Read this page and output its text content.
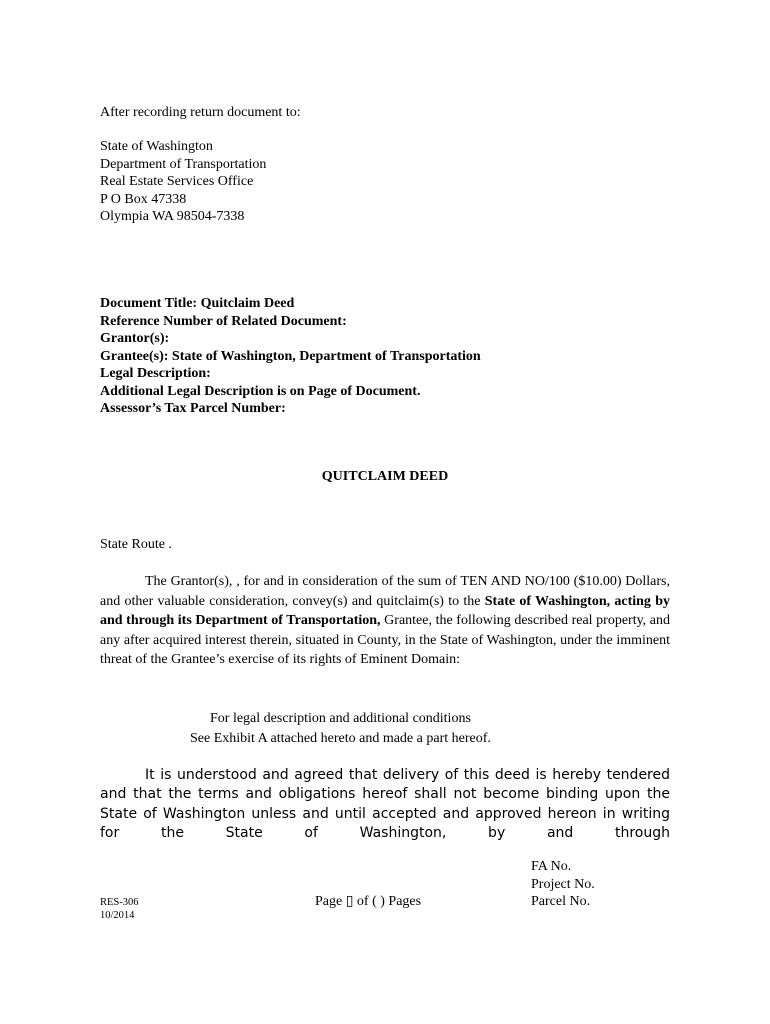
After recording return document to:
State of Washington
Department of Transportation
Real Estate Services Office
P O Box 47338
Olympia WA 98504-7338
Document Title: Quitclaim Deed
Reference Number of Related Document:
Grantor(s):
Grantee(s): State of Washington, Department of Transportation
Legal Description:
Additional Legal Description is on Page of Document.
Assessor’s Tax Parcel Number:
QUITCLAIM DEED
State Route .
The Grantor(s), , for and in consideration of the sum of TEN AND NO/100 ($10.00) Dollars, and other valuable consideration, convey(s) and quitclaim(s) to the State of Washington, acting by and through its Department of Transportation, Grantee, the following described real property, and any after acquired interest therein, situated in County, in the State of Washington, under the imminent threat of the Grantee’s exercise of its rights of Eminent Domain:
For legal description and additional conditions
See Exhibit A attached hereto and made a part hereof.
It is understood and agreed that delivery of this deed is hereby tendered and that the terms and obligations hereof shall not become binding upon the State of Washington unless and until accepted and approved hereon in writing for the State of Washington, by and through
FA No.
Project No.
Parcel No.
Page ▯ of ( ) Pages
RES-306
10/2014
